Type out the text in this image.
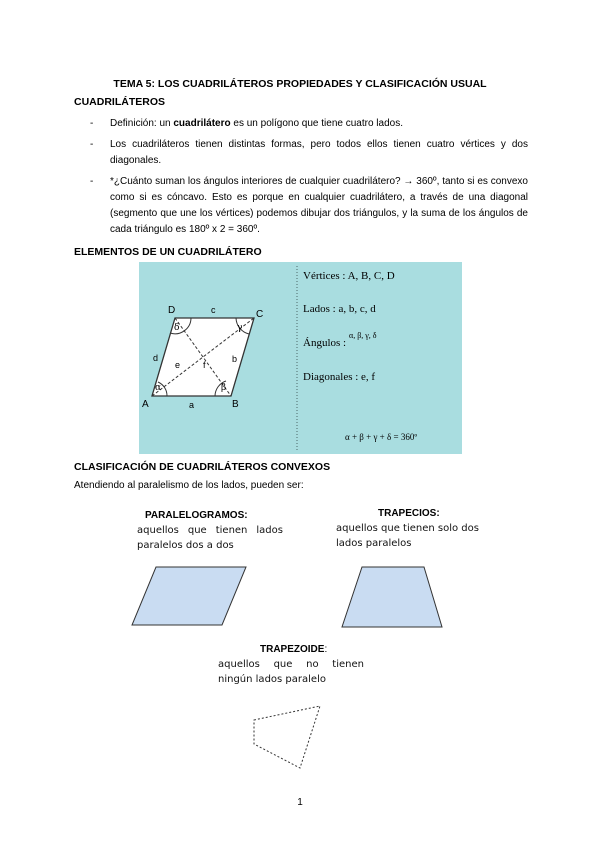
TEMA 5: LOS CUADRILÁTEROS PROPIEDADES Y CLASIFICACIÓN USUAL
CUADRILÁTEROS
- Definición: un cuadrilátero es un polígono que tiene cuatro lados.
- Los cuadriláteros tienen distintas formas, pero todos ellos tienen cuatro vértices y dos diagonales.
- *¿Cuánto suman los ángulos interiores de cualquier cuadrilátero? → 360º, tanto si es convexo como si es cóncavo. Esto es porque en cualquier cuadrilátero, a través de una diagonal (segmento que une los vértices) podemos dibujar dos triángulos, y la suma de los ángulos de cada triángulo es 180º x 2 = 360º.
ELEMENTOS DE UN CUADRILÁTERO
α	β
γ
δ
A	B
C
D
a
b
c
d
e	f
Vértices : A, B, C, D
Lados : a, b, c, d
Ángulos :
α, β, γ, δ
Diagonales : e, f
α + β + γ + δ = 360º
CLASIFICACIÓN DE CUADRILÁTEROS CONVEXOS
Atendiendo al paralelismo de los lados, pueden ser:
PARALELOGRAMOS:
aquellos que tienen lados
paralelos dos a dos
TRAPECIOS:
aquellos que tienen solo dos
lados paralelos
TRAPEZOIDE:
aquellos que no tienen
ningún lados paralelo
1
